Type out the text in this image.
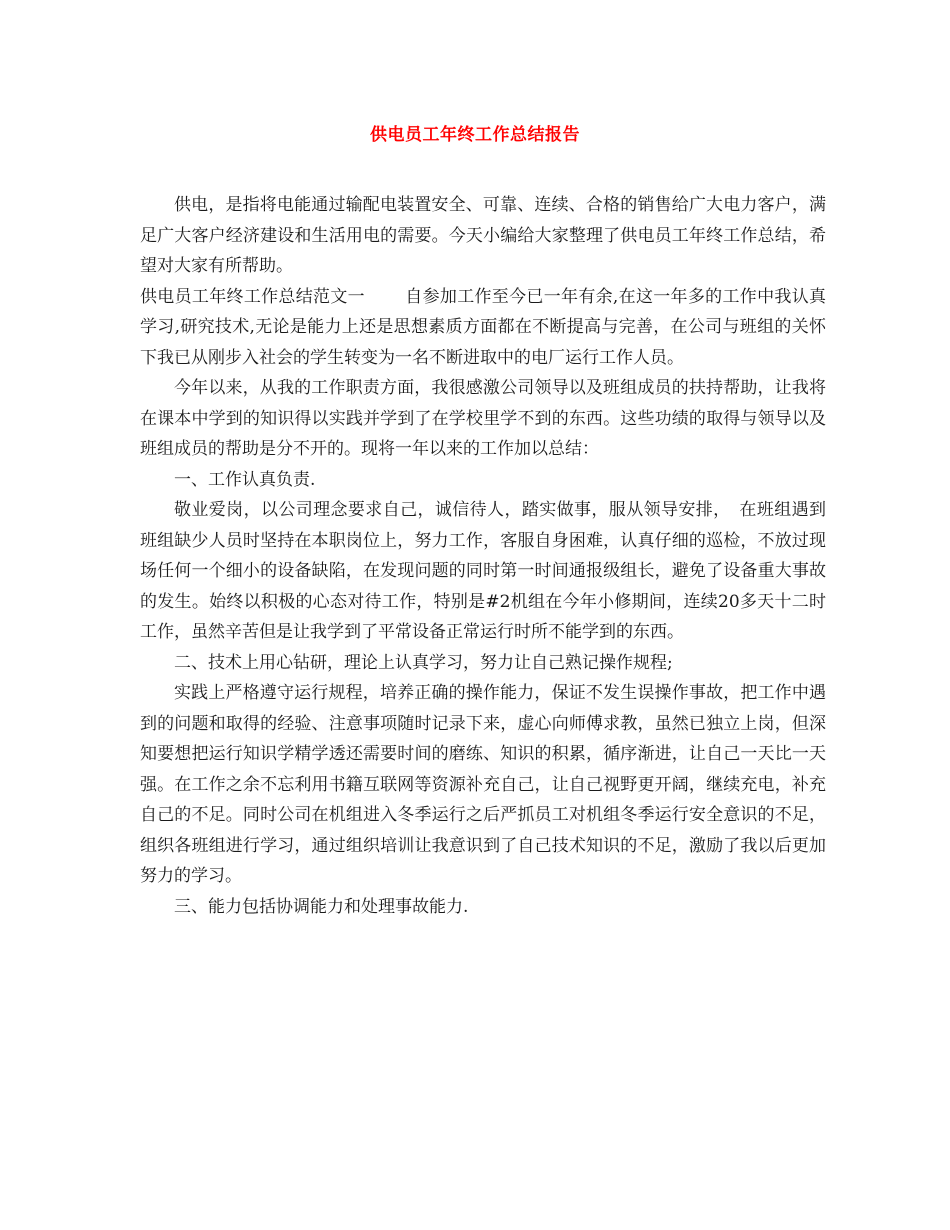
供电员工年终工作总结报告

供电，是指将电能通过输配电装置安全、可靠、连续、合格的销售给广大电力客户，满足广大客户经济建设和生活用电的需要。今天小编给大家整理了供电员工年终工作总结，希望对大家有所帮助。

供电员工年终工作总结范文一　　 自参加工作至今已一年有余,在这一年多的工作中我认真学习,研究技术,无论是能力上还是思想素质方面都在不断提高与完善，在公司与班组的关怀下我已从刚步入社会的学生转变为一名不断进取中的电厂运行工作人员。

今年以来，从我的工作职责方面，我很感激公司领导以及班组成员的扶持帮助，让我将在课本中学到的知识得以实践并学到了在学校里学不到的东西。这些功绩的取得与领导以及班组成员的帮助是分不开的。现将一年以来的工作加以总结：

一、工作认真负责.

敬业爱岗，以公司理念要求自己，诚信待人，踏实做事，服从领导安排，　在班组遇到班组缺少人员时坚持在本职岗位上，努力工作，客服自身困难，认真仔细的巡检，不放过现场任何一个细小的设备缺陷，在发现问题的同时第一时间通报级组长，避免了设备重大事故的发生。始终以积极的心态对待工作，特别是#2机组在今年小修期间，连续20多天十二时工作，虽然辛苦但是让我学到了平常设备正常运行时所不能学到的东西。

二、技术上用心钻研，理论上认真学习，努力让自己熟记操作规程;

实践上严格遵守运行规程，培养正确的操作能力，保证不发生误操作事故，把工作中遇到的问题和取得的经验、注意事项随时记录下来，虚心向师傅求教，虽然已独立上岗，但深知要想把运行知识学精学透还需要时间的磨练、知识的积累，循序渐进，让自己一天比一天强。在工作之余不忘利用书籍互联网等资源补充自己，让自己视野更开阔，继续充电，补充自己的不足。同时公司在机组进入冬季运行之后严抓员工对机组冬季运行安全意识的不足，组织各班组进行学习，通过组织培训让我意识到了自己技术知识的不足，激励了我以后更加努力的学习。

三、能力包括协调能力和处理事故能力.
